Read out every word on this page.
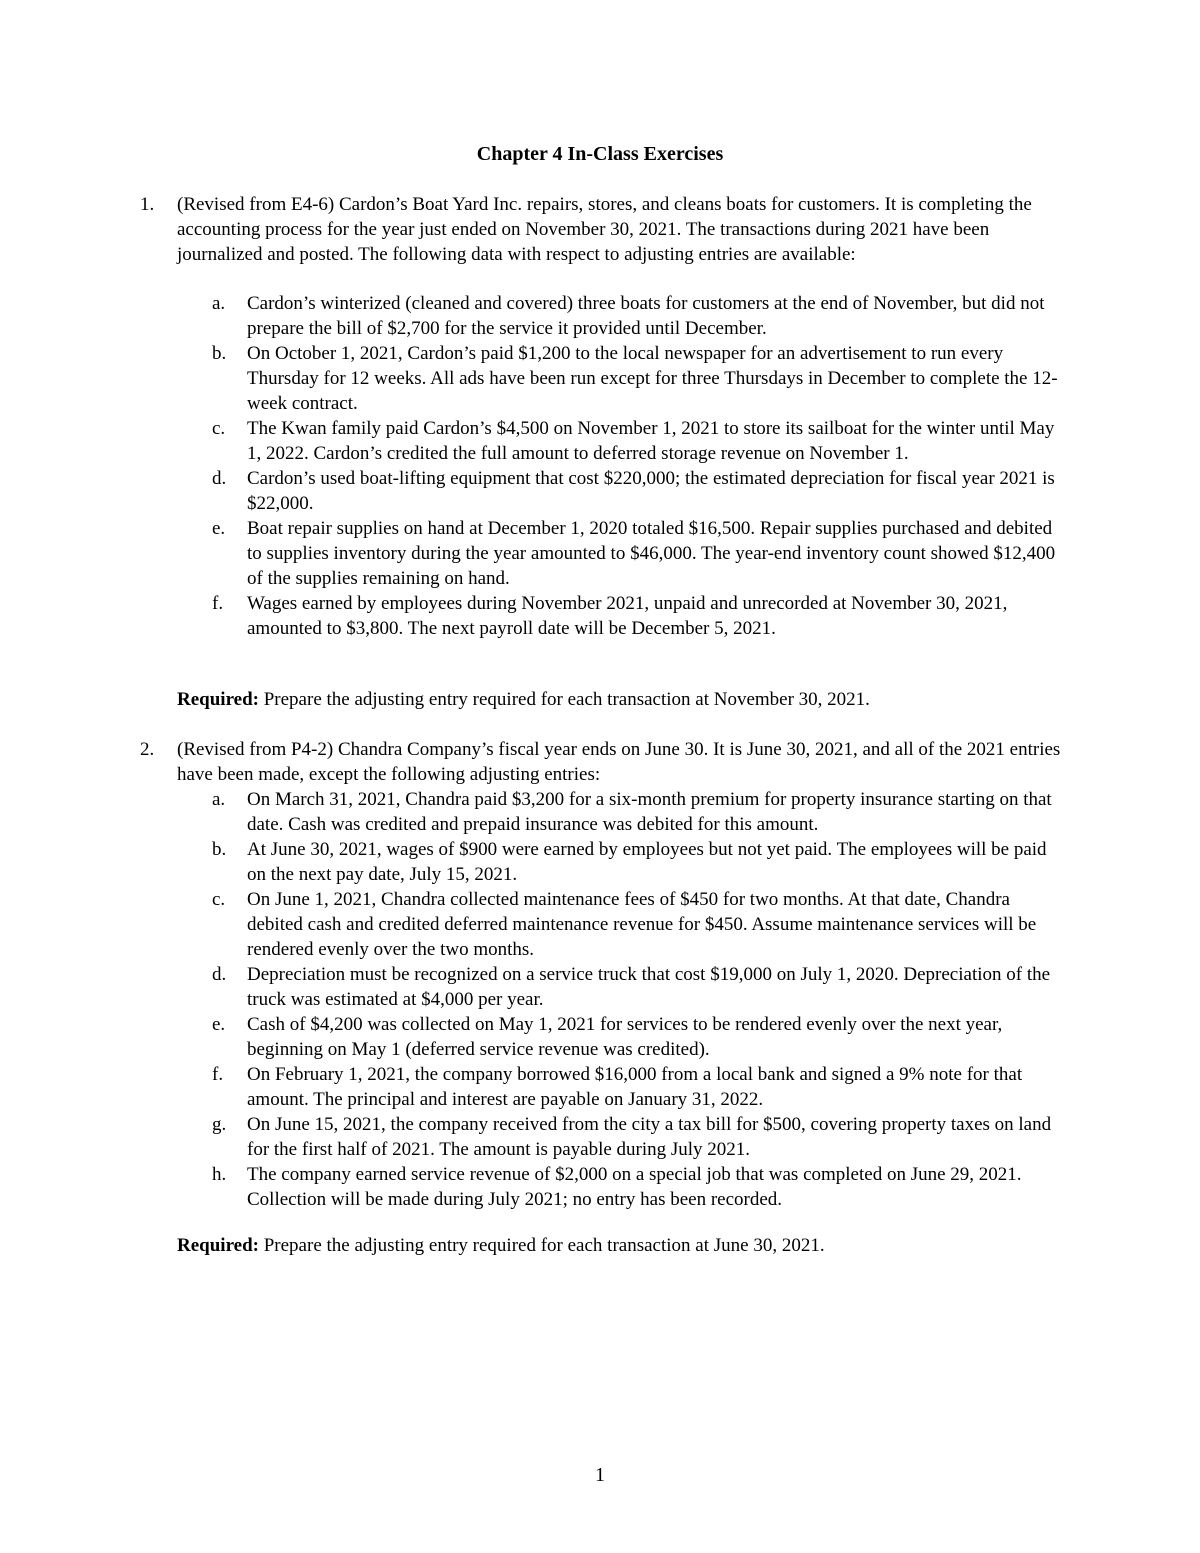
Chapter 4 In-Class Exercises
1. (Revised from E4-6) Cardon’s Boat Yard Inc. repairs, stores, and cleans boats for customers. It is completing the accounting process for the year just ended on November 30, 2021. The transactions during 2021 have been journalized and posted. The following data with respect to adjusting entries are available:

a. Cardon’s winterized (cleaned and covered) three boats for customers at the end of November, but did not prepare the bill of $2,700 for the service it provided until December.
b. On October 1, 2021, Cardon’s paid $1,200 to the local newspaper for an advertisement to run every Thursday for 12 weeks. All ads have been run except for three Thursdays in December to complete the 12-week contract.
c. The Kwan family paid Cardon’s $4,500 on November 1, 2021 to store its sailboat for the winter until May 1, 2022. Cardon’s credited the full amount to deferred storage revenue on November 1.
d. Cardon’s used boat-lifting equipment that cost $220,000; the estimated depreciation for fiscal year 2021 is $22,000.
e. Boat repair supplies on hand at December 1, 2020 totaled $16,500. Repair supplies purchased and debited to supplies inventory during the year amounted to $46,000. The year-end inventory count showed $12,400 of the supplies remaining on hand.
f. Wages earned by employees during November 2021, unpaid and unrecorded at November 30, 2021, amounted to $3,800. The next payroll date will be December 5, 2021.
Required: Prepare the adjusting entry required for each transaction at November 30, 2021.
2. (Revised from P4-2) Chandra Company’s fiscal year ends on June 30. It is June 30, 2021, and all of the 2021 entries have been made, except the following adjusting entries:

a. On March 31, 2021, Chandra paid $3,200 for a six-month premium for property insurance starting on that date. Cash was credited and prepaid insurance was debited for this amount.
b. At June 30, 2021, wages of $900 were earned by employees but not yet paid. The employees will be paid on the next pay date, July 15, 2021.
c. On June 1, 2021, Chandra collected maintenance fees of $450 for two months. At that date, Chandra debited cash and credited deferred maintenance revenue for $450. Assume maintenance services will be rendered evenly over the two months.
d. Depreciation must be recognized on a service truck that cost $19,000 on July 1, 2020. Depreciation of the truck was estimated at $4,000 per year.
e. Cash of $4,200 was collected on May 1, 2021 for services to be rendered evenly over the next year, beginning on May 1 (deferred service revenue was credited).
f. On February 1, 2021, the company borrowed $16,000 from a local bank and signed a 9% note for that amount. The principal and interest are payable on January 31, 2022.
g. On June 15, 2021, the company received from the city a tax bill for $500, covering property taxes on land for the first half of 2021. The amount is payable during July 2021.
h. The company earned service revenue of $2,000 on a special job that was completed on June 29, 2021. Collection will be made during July 2021; no entry has been recorded.
Required: Prepare the adjusting entry required for each transaction at June 30, 2021.
1
